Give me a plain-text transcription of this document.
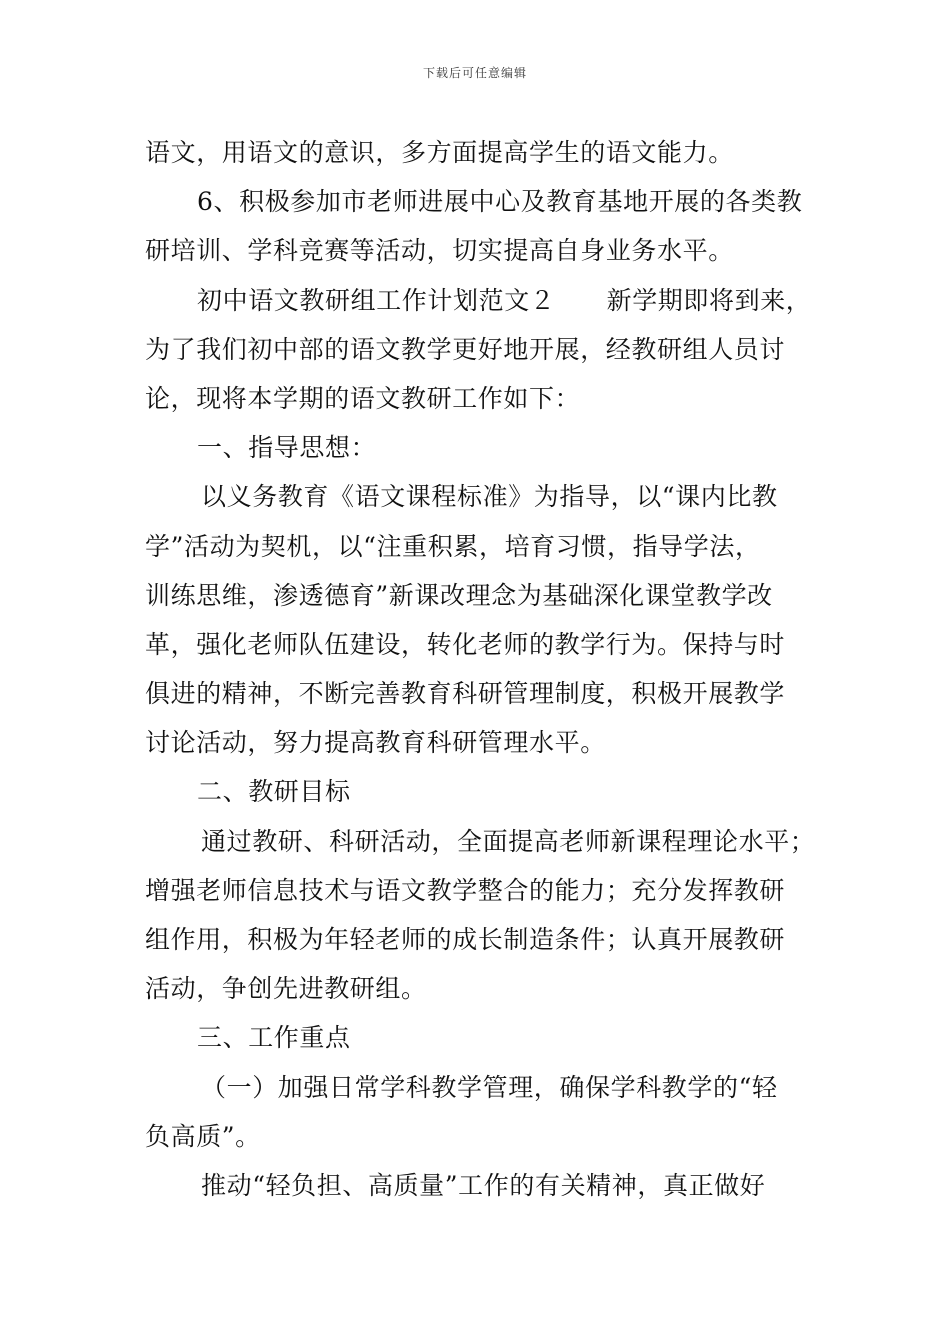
下载后可任意编辑
语文，用语文的意识，多方面提高学生的语文能力。
6、积极参加市老师进展中心及教育基地开展的各类教
研培训、学科竞赛等活动，切实提高自身业务水平。
初中语文教研组工作计划范文２　　新学期即将到来，
为了我们初中部的语文教学更好地开展，经教研组人员讨
论，现将本学期的语文教研工作如下：
一、指导思想：
以义务教育《语文课程标准》为指导，以“课内比教
学”活动为契机，以“注重积累，培育习惯，指导学法，
训练思维，渗透德育”新课改理念为基础深化课堂教学改
革，强化老师队伍建设，转化老师的教学行为。保持与时
俱进的精神，不断完善教育科研管理制度，积极开展教学
讨论活动，努力提高教育科研管理水平。
二、教研目标
通过教研、科研活动，全面提高老师新课程理论水平；
增强老师信息技术与语文教学整合的能力；充分发挥教研
组作用，积极为年轻老师的成长制造条件；认真开展教研
活动，争创先进教研组。
三、工作重点
（一）加强日常学科教学管理，确保学科教学的“轻
负高质”。
推动“轻负担、高质量”工作的有关精神，真正做好
